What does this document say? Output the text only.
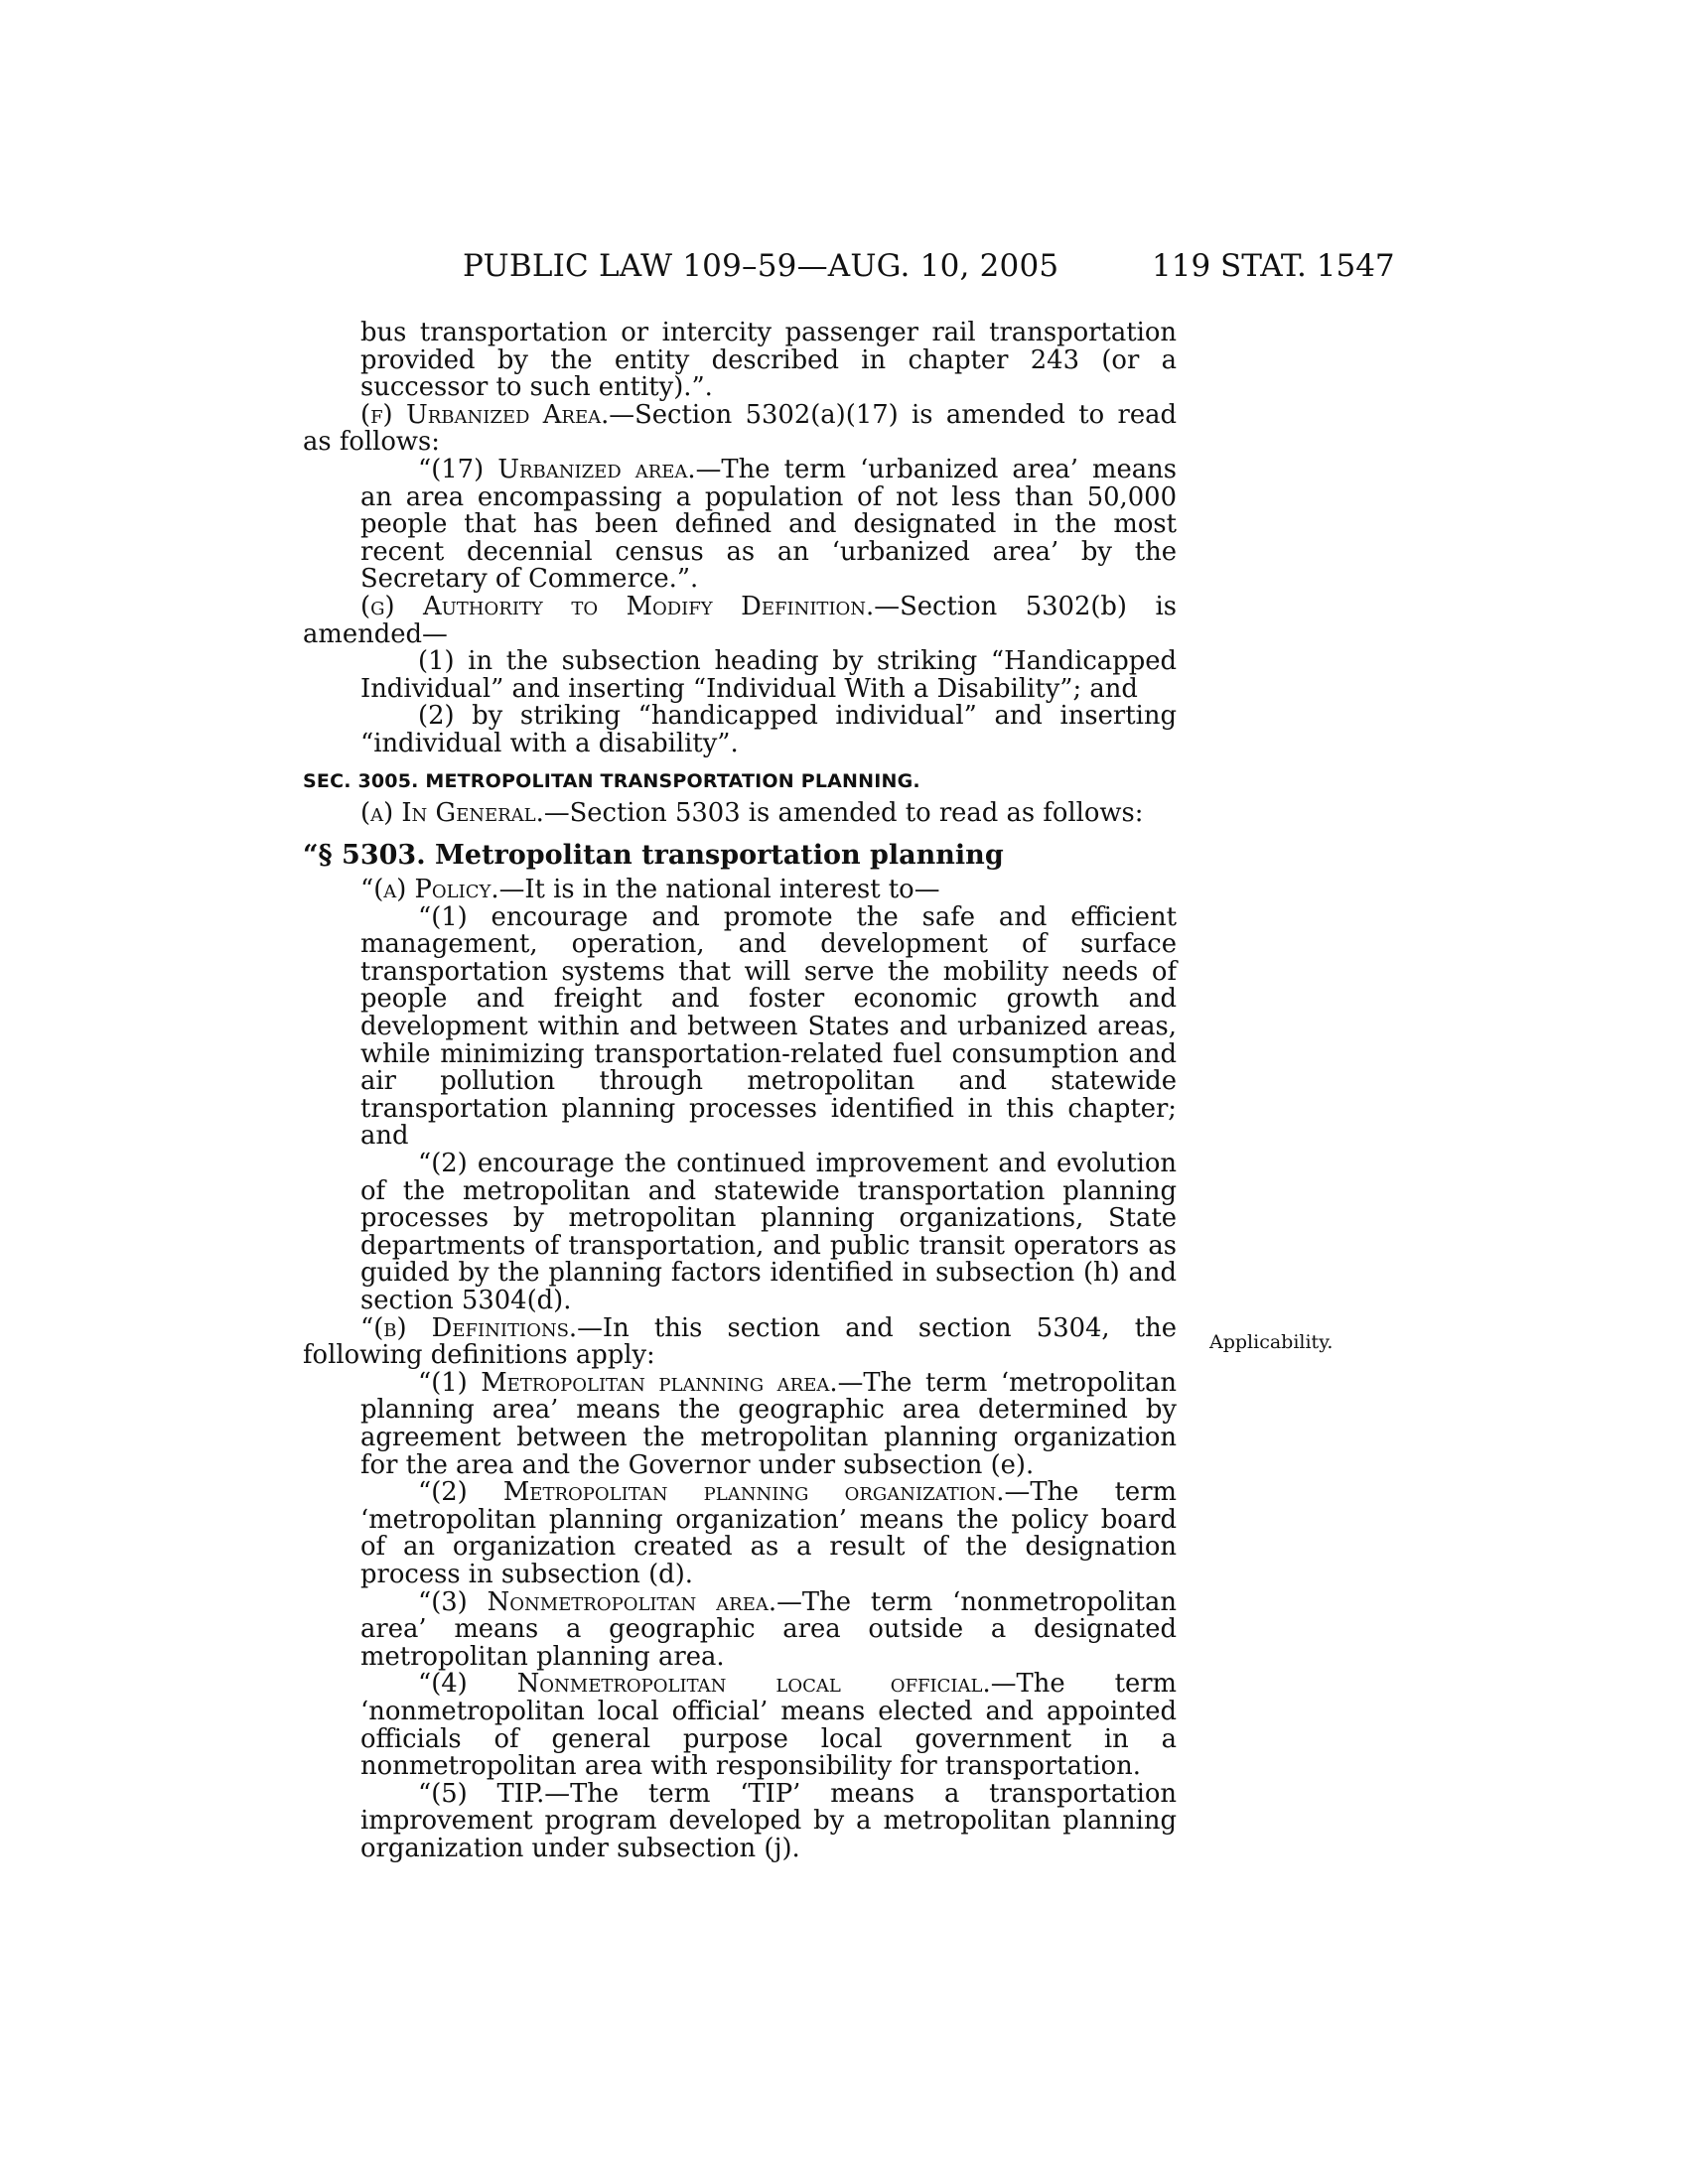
PUBLIC LAW 109–59—AUG. 10, 2005	119 STAT. 1547

bus transportation or intercity passenger rail transportation provided by the entity described in chapter 243 (or a successor to such entity).”.

(f) Urbanized Area.—Section 5302(a)(17) is amended to read as follows:

“(17) Urbanized area.—The term ‘urbanized area’ means an area encompassing a population of not less than 50,000 people that has been defined and designated in the most recent decennial census as an ‘urbanized area’ by the Secretary of Commerce.”.

(g) Authority to Modify Definition.—Section 5302(b) is amended—

(1) in the subsection heading by striking “Handicapped Individual” and inserting “Individual With a Disability”; and

(2) by striking “handicapped individual” and inserting “individual with a disability”.

SEC. 3005. METROPOLITAN TRANSPORTATION PLANNING.

(a) In General.—Section 5303 is amended to read as follows:

“§ 5303. Metropolitan transportation planning

“(a) Policy.—It is in the national interest to—

“(1) encourage and promote the safe and efficient management, operation, and development of surface transportation systems that will serve the mobility needs of people and freight and foster economic growth and development within and between States and urbanized areas, while minimizing transportation-related fuel consumption and air pollution through metropolitan and statewide transportation planning processes identified in this chapter; and

“(2) encourage the continued improvement and evolution of the metropolitan and statewide transportation planning processes by metropolitan planning organizations, State departments of transportation, and public transit operators as guided by the planning factors identified in subsection (h) and section 5304(d).

“(b) Definitions.—In this section and section 5304, the following definitions apply:

“(1) Metropolitan planning area.—The term ‘metropolitan planning area’ means the geographic area determined by agreement between the metropolitan planning organization for the area and the Governor under subsection (e).

“(2) Metropolitan planning organization.—The term ‘metropolitan planning organization’ means the policy board of an organization created as a result of the designation process in subsection (d).

“(3) Nonmetropolitan area.—The term ‘nonmetropolitan area’ means a geographic area outside a designated metropolitan planning area.

“(4) Nonmetropolitan local official.—The term ‘nonmetropolitan local official’ means elected and appointed officials of general purpose local government in a nonmetropolitan area with responsibility for transportation.

“(5) TIP.—The term ‘TIP’ means a transportation improvement program developed by a metropolitan planning organization under subsection (j).

Applicability.
